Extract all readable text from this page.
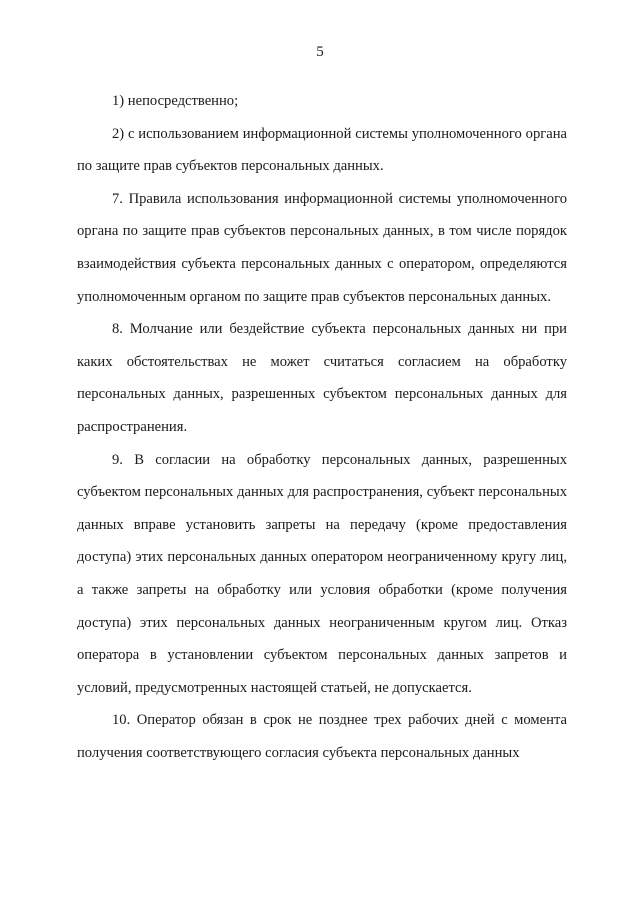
5
1) непосредственно;
2) с использованием информационной системы уполномоченного органа по защите прав субъектов персональных данных.
7. Правила использования информационной системы уполномоченного органа по защите прав субъектов персональных данных, в том числе порядок взаимодействия субъекта персональных данных с оператором, определяются уполномоченным органом по защите прав субъектов персональных данных.
8. Молчание или бездействие субъекта персональных данных ни при каких обстоятельствах не может считаться согласием на обработку персональных данных, разрешенных субъектом персональных данных для распространения.
9. В согласии на обработку персональных данных, разрешенных субъектом персональных данных для распространения, субъект персональных данных вправе установить запреты на передачу (кроме предоставления доступа) этих персональных данных оператором неограниченному кругу лиц, а также запреты на обработку или условия обработки (кроме получения доступа) этих персональных данных неограниченным кругом лиц. Отказ оператора в установлении субъектом персональных данных запретов и условий, предусмотренных настоящей статьей, не допускается.
10. Оператор обязан в срок не позднее трех рабочих дней с момента получения соответствующего согласия субъекта персональных данных
